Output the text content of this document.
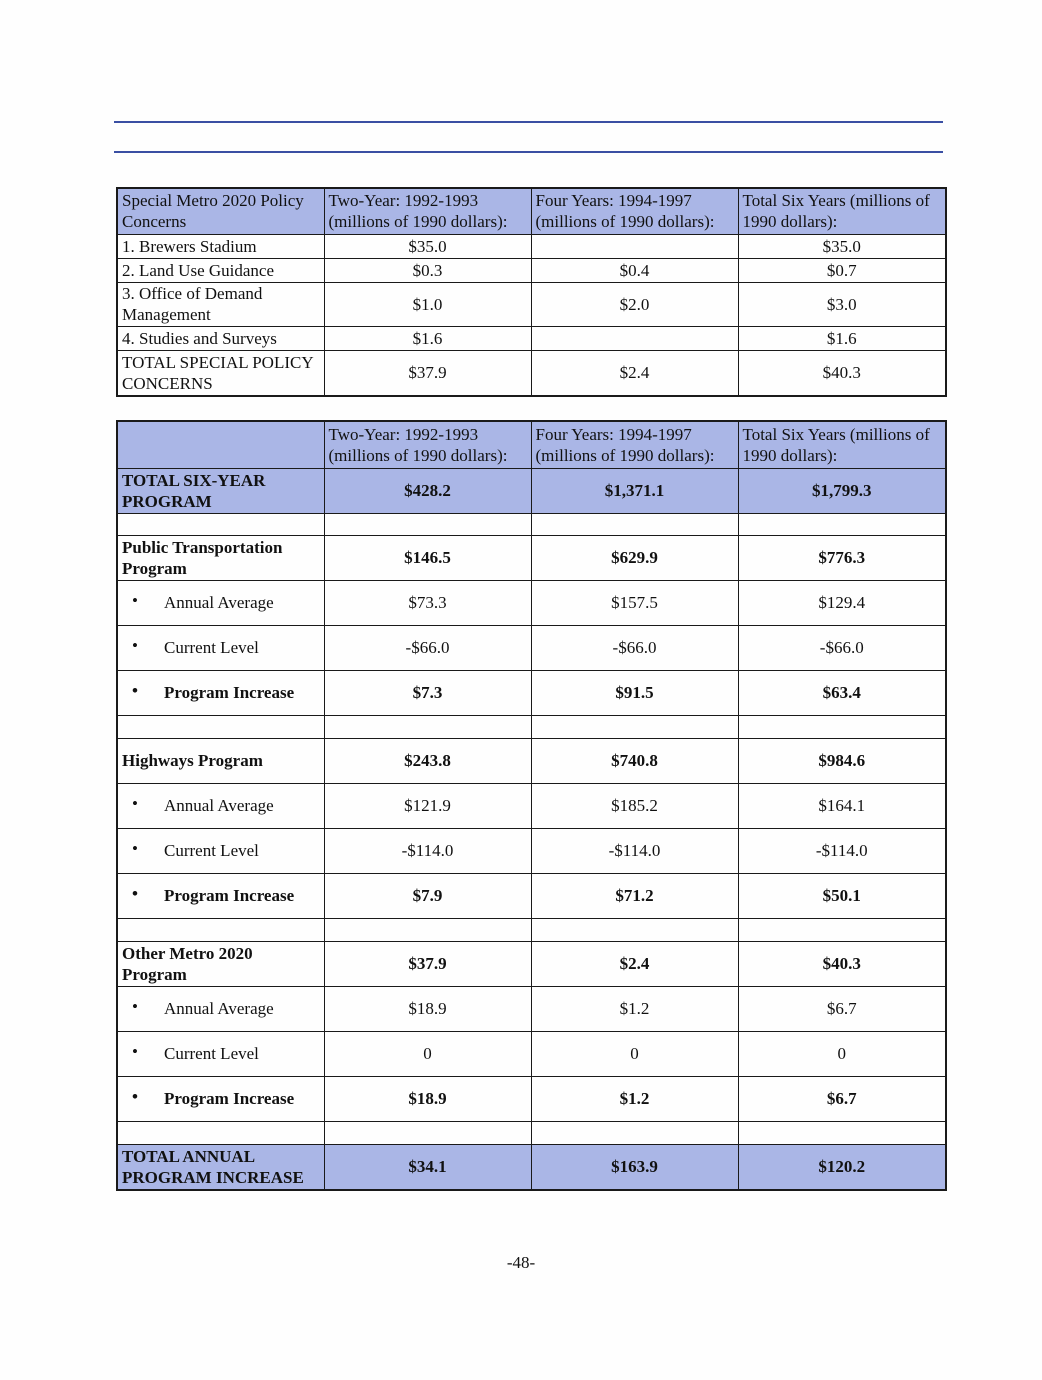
Special Metro 2020 Policy Concerns	Two-Year: 1992-1993 (millions of 1990 dollars):	Four Years: 1994-1997 (millions of 1990 dollars):	Total Six Years (millions of 1990 dollars):
1. Brewers Stadium	$35.0		$35.0
2. Land Use Guidance	$0.3	$0.4	$0.7
3. Office of Demand Management	$1.0	$2.0	$3.0
4. Studies and Surveys	$1.6		$1.6
TOTAL SPECIAL POLICY CONCERNS	$37.9	$2.4	$40.3
	Two-Year: 1992-1993 (millions of 1990 dollars):	Four Years: 1994-1997 (millions of 1990 dollars):	Total Six Years (millions of 1990 dollars):
TOTAL SIX-YEAR PROGRAM	$428.2	$1,371.1	$1,799.3

Public Transportation Program	$146.5	$629.9	$776.3

• Annual Average	$73.3	$157.5	$129.4

• Current Level	-$66.0	-$66.0	-$66.0

• Program Increase	$7.3	$91.5	$63.4

Highways Program	$243.8	$740.8	$984.6

• Annual Average	$121.9	$185.2	$164.1

• Current Level	-$114.0	-$114.0	-$114.0

• Program Increase	$7.9	$71.2	$50.1

Other Metro 2020 Program	$37.9	$2.4	$40.3

• Annual Average	$18.9	$1.2	$6.7

• Current Level	0	0	0

• Program Increase	$18.9	$1.2	$6.7

TOTAL ANNUAL PROGRAM INCREASE	$34.1	$163.9	$120.2
-48-
